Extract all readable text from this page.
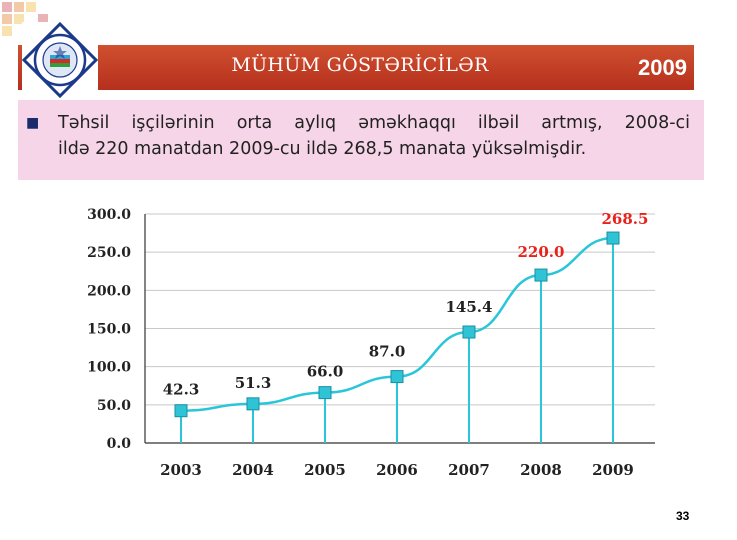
MÜHÜM GÖSTƏRİCİLƏR	2009
■ Təhsil işçilərinin orta aylıq əməkhaqqı ilbəil artmış, 2008-ci
ildə 220 manatdan 2009-cu ildə 268,5 manata yüksəlmişdir.
0.0
50.0
100.0
150.0
200.0
250.0
300.0
42.3 51.3
66.0
87.0
145.4
220.0
268.5
2003 2004 2005 2006 2007 2008 2009
33
